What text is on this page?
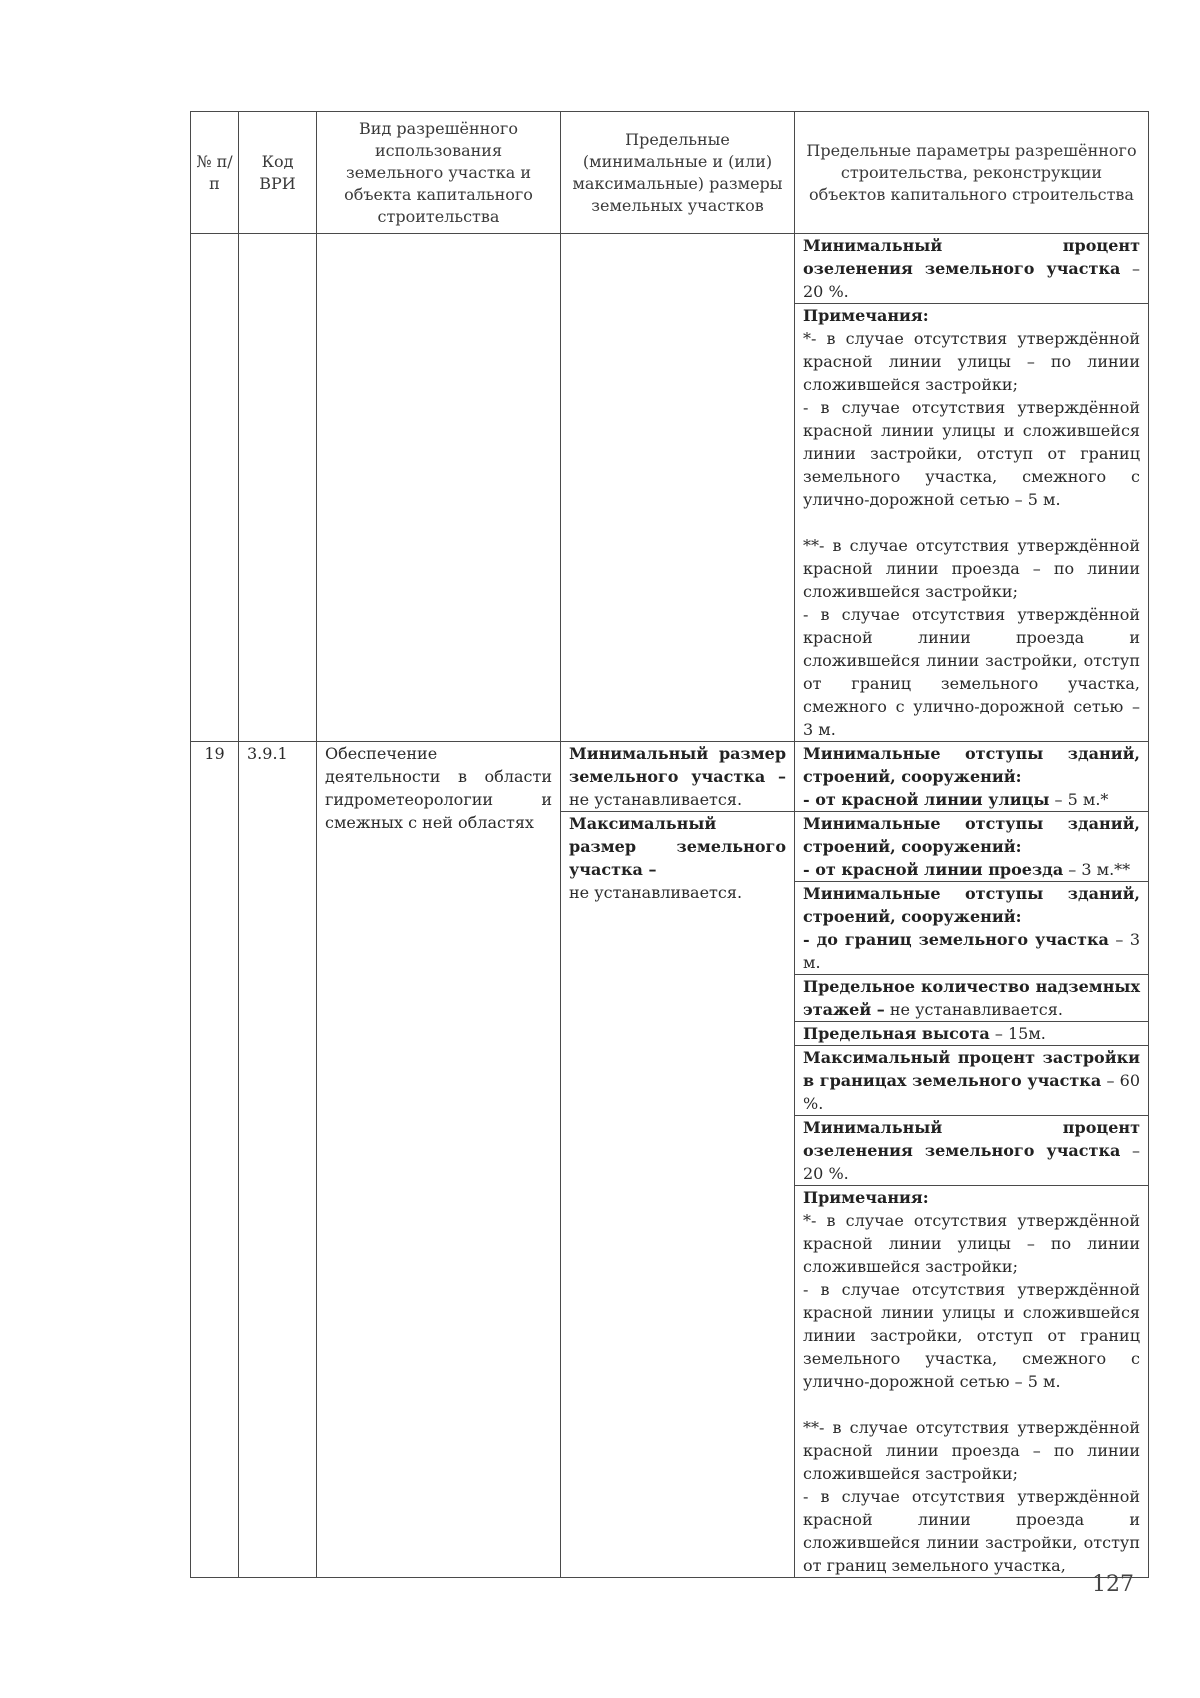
№ п/п	Код ВРИ	Вид разрешённого использования земельного участка и объекта капитального строительства	Предельные (минимальные и (или) максимальные) размеры земельных участков	Предельные параметры разрешённого строительства, реконструкции объектов капитального строительства
				Минимальный процент озеленения земельного участка – 20 %.

				Примечания:

*- в случае отсутствия утверждённой красной линии улицы – по линии сложившейся застройки;

- в случае отсутствия утверждённой красной линии улицы и сложившейся линии застройки, отступ от границ земельного участка, смежного с улично-дорожной сетью – 5 м.

**- в случае отсутствия утверждённой красной линии проезда – по линии сложившейся застройки;

- в случае отсутствия утверждённой красной линии проезда и сложившейся линии застройки, отступ от границ земельного участка, смежного с улично-дорожной сетью – 3 м.

19	3.9.1	Обеспечение деятельности в области гидрометеорологии и смежных с ней областях	Минимальный размер земельного участка – не устанавливается.	Минимальные отступы зданий, строений, сооружений:
- от красной линии улицы – 5 м.*
			Максимальный размер земельного участка –
не устанавливается.	Минимальные отступы зданий, строений, сооружений:
- от красной линии проезда – 3 м.**
				Минимальные отступы зданий, строений, сооружений:
- до границ земельного участка – 3 м.
				Предельное количество надземных этажей – не устанавливается.
				Предельная высота – 15м.
				Максимальный процент застройки в границах земельного участка – 60 %.
				Минимальный процент озеленения земельного участка – 20 %.

				Примечания:

*- в случае отсутствия утверждённой красной линии улицы – по линии сложившейся застройки;

- в случае отсутствия утверждённой красной линии улицы и сложившейся линии застройки, отступ от границ земельного участка, смежного с улично-дорожной сетью – 5 м.

**- в случае отсутствия утверждённой красной линии проезда – по линии сложившейся застройки;

- в случае отсутствия утверждённой красной линии проезда и сложившейся линии застройки, отступ от границ земельного участка,

127
